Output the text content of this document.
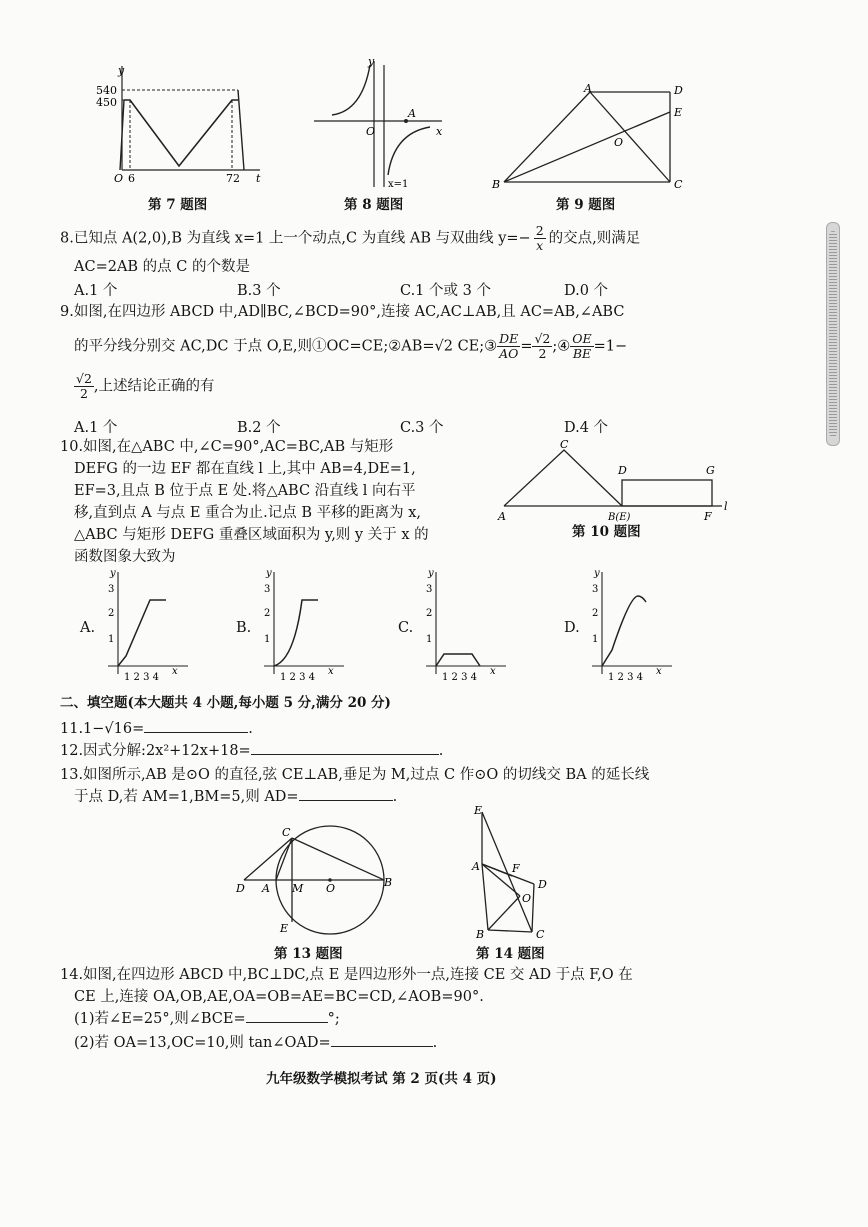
y
540
450
O 6	72 t
第 7 题图
y
x
O
A
x=1
第 8 题图
A	D
E
O
B	C
第 9 题图
8.已知点 A(2,0),B 为直线 x=1 上一个动点,C 为直线 AB 与双曲线 $y=- \frac{2}{x}$ 的交点,则满足
AC=2AB 的点 C 的个数是
A.1 个	B.3 个	C.1 个或 3 个	D.0 个
9.如图,在四边形 ABCD 中,AD∥BC,∠BCD=90°,连接 AC,AC⊥AB,且 AC=AB,∠ABC
的平分线分别交 AC,DC 于点 O,E,则①OC=CE;②AB=√2 CE;③ $\frac{DE}{AO} = \frac{√2}{2}$ ;④ $\frac{OE}{BE} =1-$
$\frac{√2}{2}$ ,上述结论正确的有
A.1 个	B.2 个	C.3 个	D.4 个
10.如图,在△ABC 中,∠C=90°,AC=BC,AB 与矩形
DEFG 的一边 EF 都在直线 l 上,其中 AB=4,DE=1,
EF=3,且点 B 位于点 E 处.将△ABC 沿直线 l 向右平
移,直到点 A 与点 E 重合为止.记点 B 平移的距离为 x,
△ABC 与矩形 DEFG 重叠区域面积为 y,则 y 关于 x 的
函数图象大致为
C
D	G
A	B(E)	F
l
第 10 题图
A.
y
3
2
1
1 2 3 4
x
B.
y
3
2
1
1 2 3 4
x
C.
y
3
2
1
1 2 3 4
x
D.
y
3
2
1
1 2 3 4
x
二、填空题(本大题共 4 小题,每小题 5 分,满分 20 分)
11.1−√16=	.
12.因式分解:2x²+12x+18=	.
13.如图所示,AB 是⊙O 的直径,弦 CE⊥AB,垂足为 M,过点 C 作⊙O 的切线交 BA 的延长线
于点 D,若 AM=1,BM=5,则 AD=	.
C
D A M O	B
E
第 13 题图
E
A	F
D
O
B	C
第 14 题图
14.如图,在四边形 ABCD 中,BC⊥DC,点 E 是四边形外一点,连接 CE 交 AD 于点 F,O 在
CE 上,连接 OA,OB,AE,OA=OB=AE=BC=CD,∠AOB=90°.
(1)若∠E=25°,则∠BCE=	°;
(2)若 OA=13,OC=10,则 tan∠OAD=	.
九年级数学模拟考试 第 2 页(共 4 页)
